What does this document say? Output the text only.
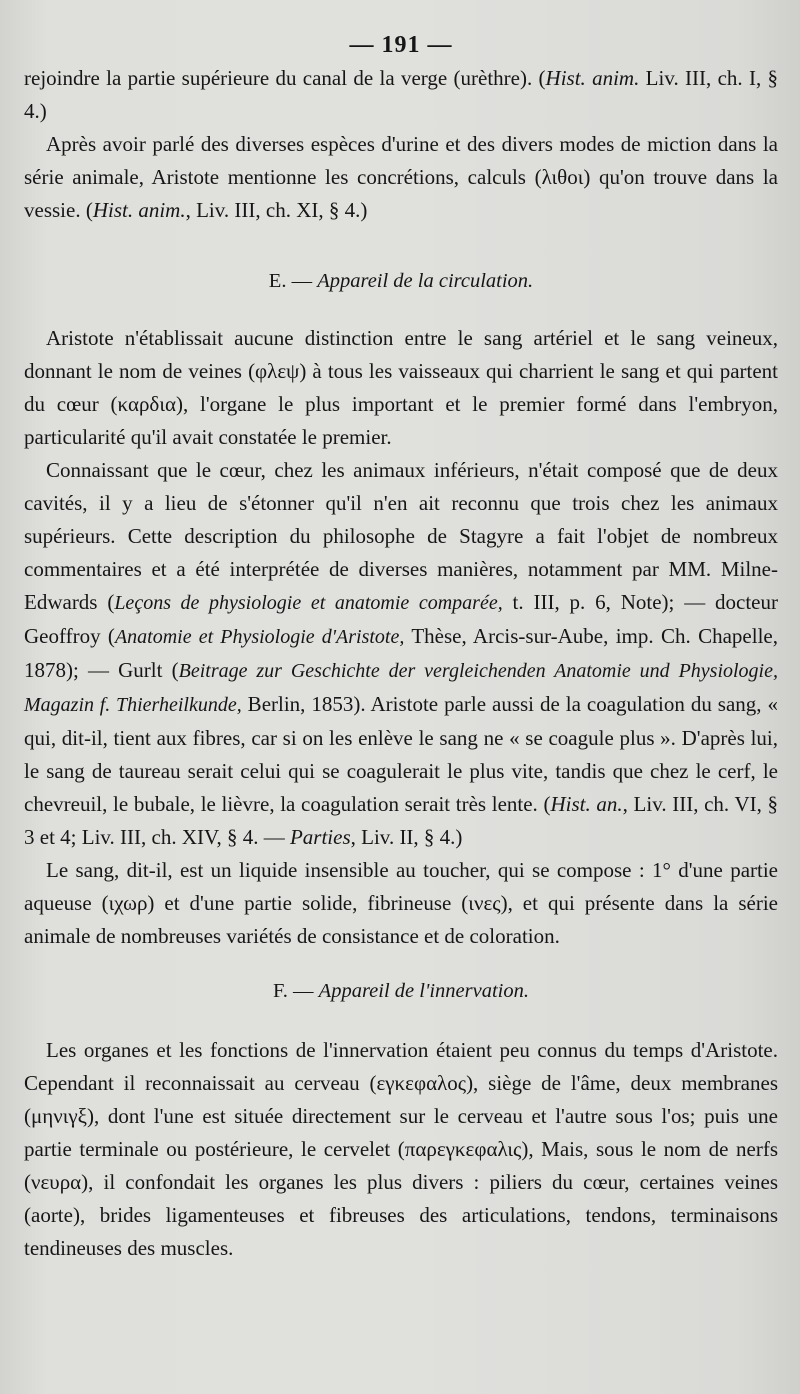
— 191 —

rejoindre la partie supérieure du canal de la verge (urèthre). (Hist. anim. Liv. III, ch. I, § 4.)

Après avoir parlé des diverses espèces d'urine et des divers modes de miction dans la série animale, Aristote mentionne les concrétions, calculs (λιθοι) qu'on trouve dans la vessie. (Hist. anim., Liv. III, ch. XI, § 4.)

E. — Appareil de la circulation.

Aristote n'établissait aucune distinction entre le sang artériel et le sang veineux, donnant le nom de veines (φλεψ) à tous les vaisseaux qui charrient le sang et qui partent du cœur (καρδια), l'organe le plus important et le premier formé dans l'embryon, particularité qu'il avait constatée le premier.

Connaissant que le cœur, chez les animaux inférieurs, n'était composé que de deux cavités, il y a lieu de s'étonner qu'il n'en ait reconnu que trois chez les animaux supérieurs. Cette description du philosophe de Stagyre a fait l'objet de nombreux commentaires et a été interprétée de diverses manières, notamment par MM. Milne-Edwards (Leçons de physiologie et anatomie comparée, t. III, p. 6, Note); — docteur Geoffroy (Anatomie et Physiologie d'Aristote, Thèse, Arcis-sur-Aube, imp. Ch. Chapelle, 1878); — Gurlt (Beitrage zur Geschichte der vergleichenden Anatomie und Physiologie, Magazin f. Thierheilkunde, Berlin, 1853). Aristote parle aussi de la coagulation du sang, « qui, dit-il, tient aux fibres, car si on les enlève le sang ne « se coagule plus ». D'après lui, le sang de taureau serait celui qui se coagulerait le plus vite, tandis que chez le cerf, le chevreuil, le bubale, le lièvre, la coagulation serait très lente. (Hist. an., Liv. III, ch. VI, § 3 et 4; Liv. III, ch. XIV, § 4. — Parties, Liv. II, § 4.)

Le sang, dit-il, est un liquide insensible au toucher, qui se compose : 1° d'une partie aqueuse (ιχωρ) et d'une partie solide, fibrineuse (ινες), et qui présente dans la série animale de nombreuses variétés de consistance et de coloration.

F. — Appareil de l'innervation.

Les organes et les fonctions de l'innervation étaient peu connus du temps d'Aristote. Cependant il reconnaissait au cerveau (εγκεφαλος), siège de l'âme, deux membranes (μηνιγξ), dont l'une est située directement sur le cerveau et l'autre sous l'os; puis une partie terminale ou postérieure, le cervelet (παρεγκεφαλις), Mais, sous le nom de nerfs (νευρα), il confondait les organes les plus divers : piliers du cœur, certaines veines (aorte), brides ligamenteuses et fibreuses des articulations, tendons, terminaisons tendineuses des muscles.
